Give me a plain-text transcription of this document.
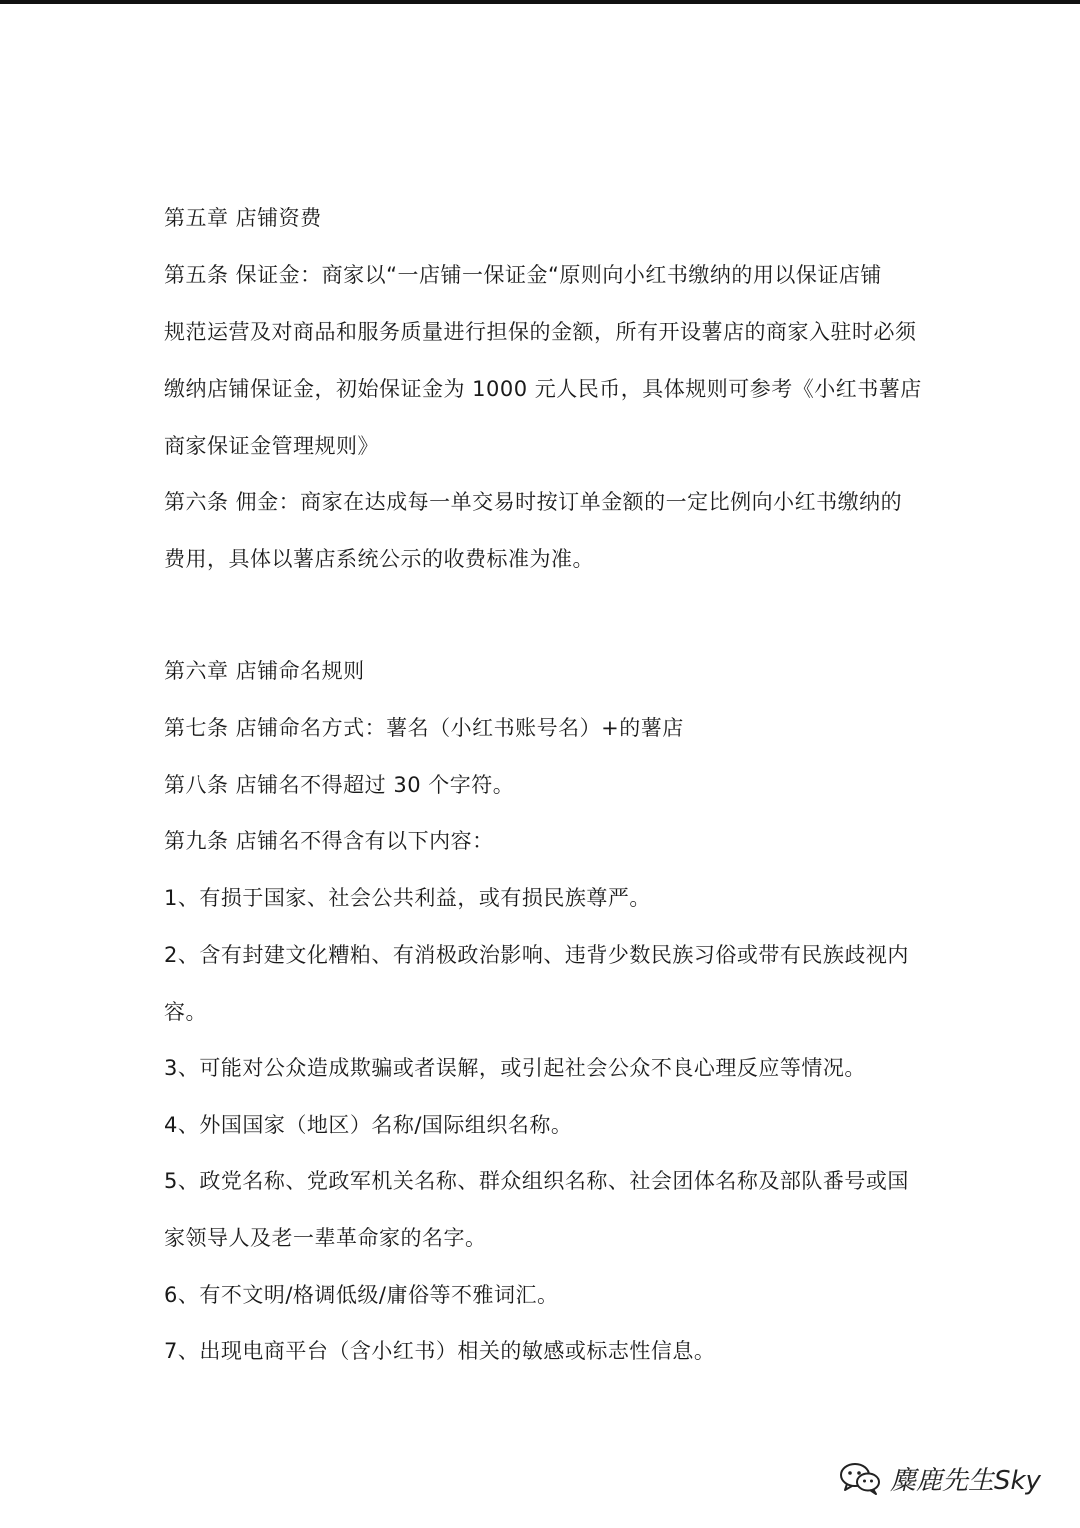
第五章 店铺资费
第五条 保证金：商家以“一店铺一保证金“原则向小红书缴纳的用以保证店铺
规范运营及对商品和服务质量进行担保的金额，所有开设薯店的商家入驻时必须
缴纳店铺保证金，初始保证金为 1000 元人民币，具体规则可参考《小红书薯店
商家保证金管理规则》
第六条 佣金：商家在达成每一单交易时按订单金额的一定比例向小红书缴纳的
费用，具体以薯店系统公示的收费标准为准。
第六章 店铺命名规则
第七条 店铺命名方式：薯名（小红书账号名）+的薯店
第八条 店铺名不得超过 30 个字符。
第九条 店铺名不得含有以下内容：
1、有损于国家、社会公共利益，或有损民族尊严。
2、含有封建文化糟粕、有消极政治影响、违背少数民族习俗或带有民族歧视内
容。
3、可能对公众造成欺骗或者误解，或引起社会公众不良心理反应等情况。
4、外国国家（地区）名称/国际组织名称。
5、政党名称、党政军机关名称、群众组织名称、社会团体名称及部队番号或国
家领导人及老一辈革命家的名字。
6、有不文明/格调低级/庸俗等不雅词汇。
7、出现电商平台（含小红书）相关的敏感或标志性信息。
麋鹿先生Sky
